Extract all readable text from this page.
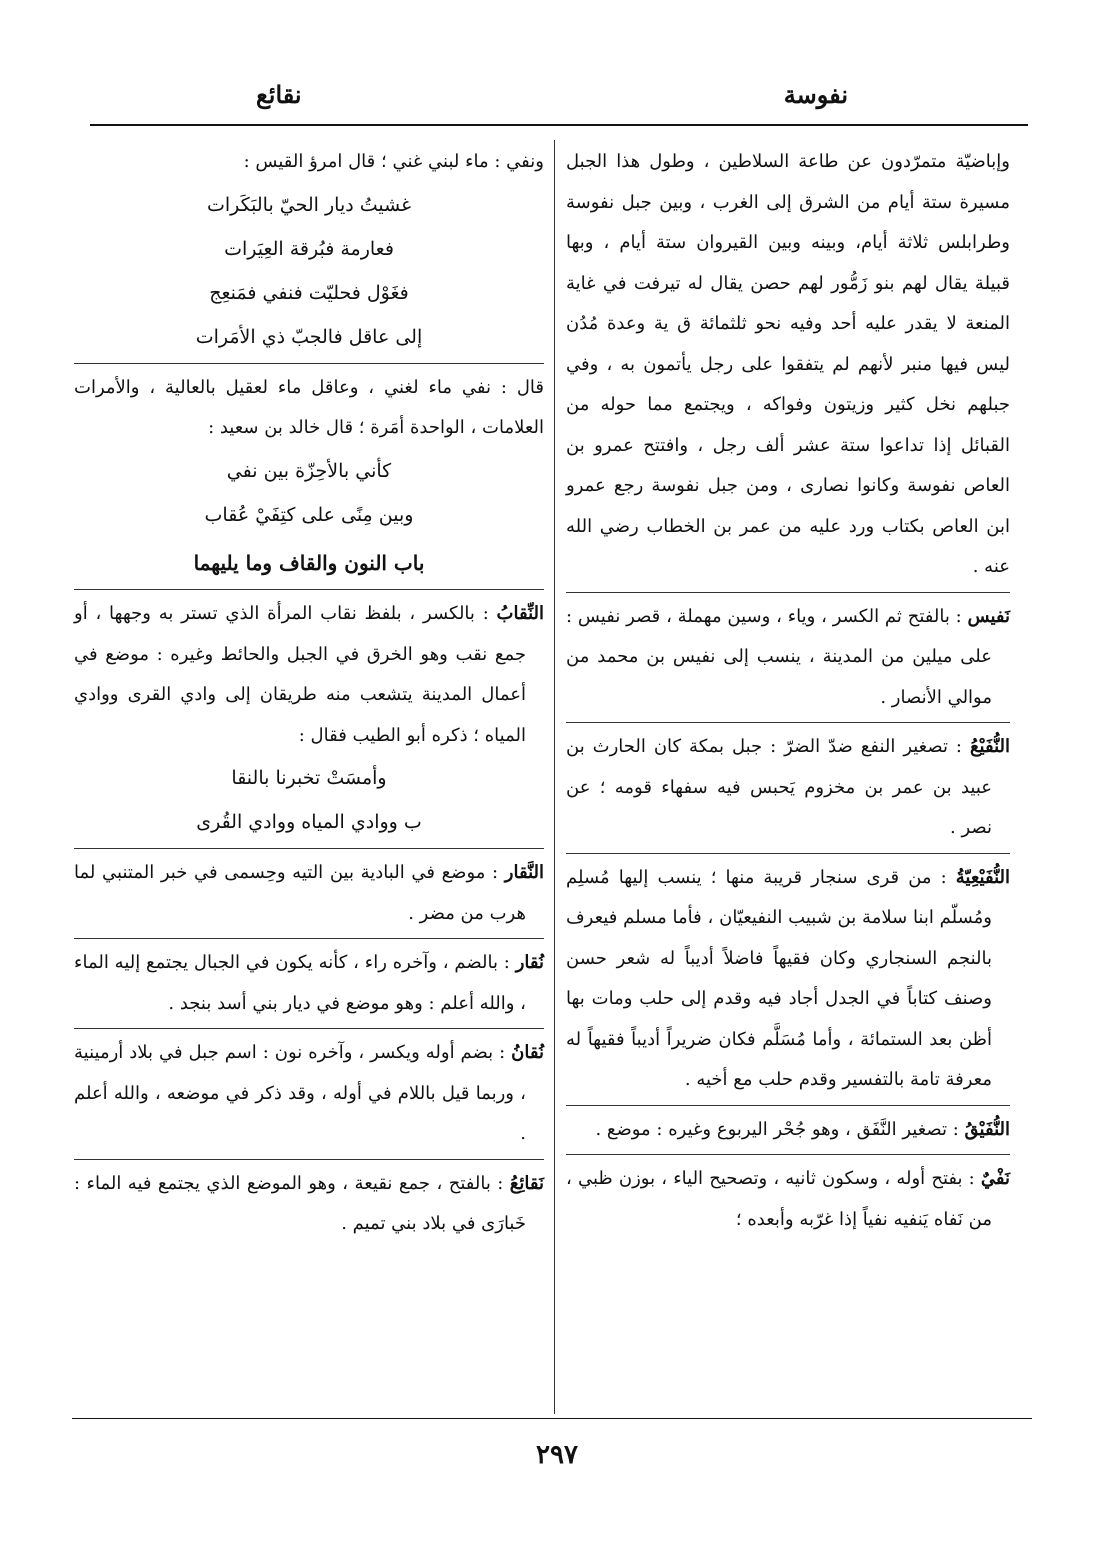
نفوسة
نقائع

وإباضيّة متمرّدون عن طاعة السلاطين ، وطول هذا الجبل مسيرة ستة أيام من الشرق إلى الغرب ، وبين جبل نفوسة وطرابلس ثلاثة أيام، وبينه وبين القيروان ستة أيام ، وبها قبيلة يقال لهم بنو زَمُّور لهم حصن يقال له تيرفت في غاية المنعة لا يقدر عليه أحد وفيه نحو ثلثمائة ق ية وعدة مُدُن ليس فيها منبر لأنهم لم يتفقوا على رجل يأتمون به ، وفي جبلهم نخل كثير وزيتون وفواكه ، ويجتمع مما حوله من القبائل إذا تداعوا ستة عشر ألف رجل ، وافتتح عمرو بن العاص نفوسة وكانوا نصارى ، ومن جبل نفوسة رجع عمرو ابن العاص بكتاب ورد عليه من عمر بن الخطاب رضي الله عنه .

نَفيس : بالفتح ثم الكسر ، وياء ، وسين مهملة ، قصر نفيس : على ميلين من المدينة ، ينسب إلى نفيس بن محمد من موالي الأنصار .

النُّفَيْعُ : تصغير النفع ضدّ الضرّ : جبل بمكة كان الحارث بن عبيد بن عمر بن مخزوم يَحبس فيه سفهاء قومه ؛ عن نصر .

النُّفَيْعِيّةُ : من قرى سنجار قريبة منها ؛ ينسب إليها مُسلِم ومُسلّم ابنا سلامة بن شبيب النفيعيّان ، فأما مسلم فيعرف بالنجم السنجاري وكان فقيهاً فاضلاً أديباً له شعر حسن وصنف كتاباً في الجدل أجاد فيه وقدم إلى حلب ومات بها أظن بعد الستمائة ، وأما مُسَلَّم فكان ضريراً أديباً فقيهاً له معرفة تامة بالتفسير وقدم حلب مع أخيه .

النُّفَيْقُ : تصغير النَّفَق ، وهو جُحْر اليربوع وغيره : موضع .

نَفْيٌ : بفتح أوله ، وسكون ثانيه ، وتصحيح الياء ، بوزن ظبي ، من نَفاه يَنفيه نفياً إذا غرّبه وأبعده ؛

ونفي : ماء لبني غني ؛ قال امرؤ القيس :

غشيتُ ديار الحيّ بالبَكَرات
فعارمة فبُرقة العِيَرات
فغَوْل فحليّت فنفي فمَنعِج
إلى عاقل فالجبّ ذي الأمَرات

قال : نفي ماء لغني ، وعاقل ماء لعقيل بالعالية ، والأمرات العلامات ، الواحدة أمَرة ؛ قال خالد بن سعيد :

كأني بالأحِزّة بين نفي
وبين مِنًى على كتِفَيْ عُقاب
باب النون والقاف وما يليهما

النِّقابُ : بالكسر ، بلفظ نقاب المرأة الذي تستر به وجهها ، أو جمع نقب وهو الخرق في الجبل والحائط وغيره : موضع في أعمال المدينة يتشعب منه طريقان إلى وادي القرى ووادي المياه ؛ ذكره أبو الطيب فقال :

وأمسَتْ تخبرنا بالنقا
ب ووادي المياه ووادي القُرى

النَّقار : موضع في البادية بين التيه وحِسمى في خبر المتنبي لما هرب من مضر .

نُقار : بالضم ، وآخره راء ، كأنه يكون في الجبال يجتمع إليه الماء ، والله أعلم : وهو موضع في ديار بني أسد بنجد .

نُقانُ : بضم أوله ويكسر ، وآخره نون : اسم جبل في بلاد أرمينية ، وربما قيل باللام في أوله ، وقد ذكر في موضعه ، والله أعلم .

نَقائِعُ : بالفتح ، جمع نقيعة ، وهو الموضع الذي يجتمع فيه الماء : خَبارَى في بلاد بني تميم .

٢٩٧
